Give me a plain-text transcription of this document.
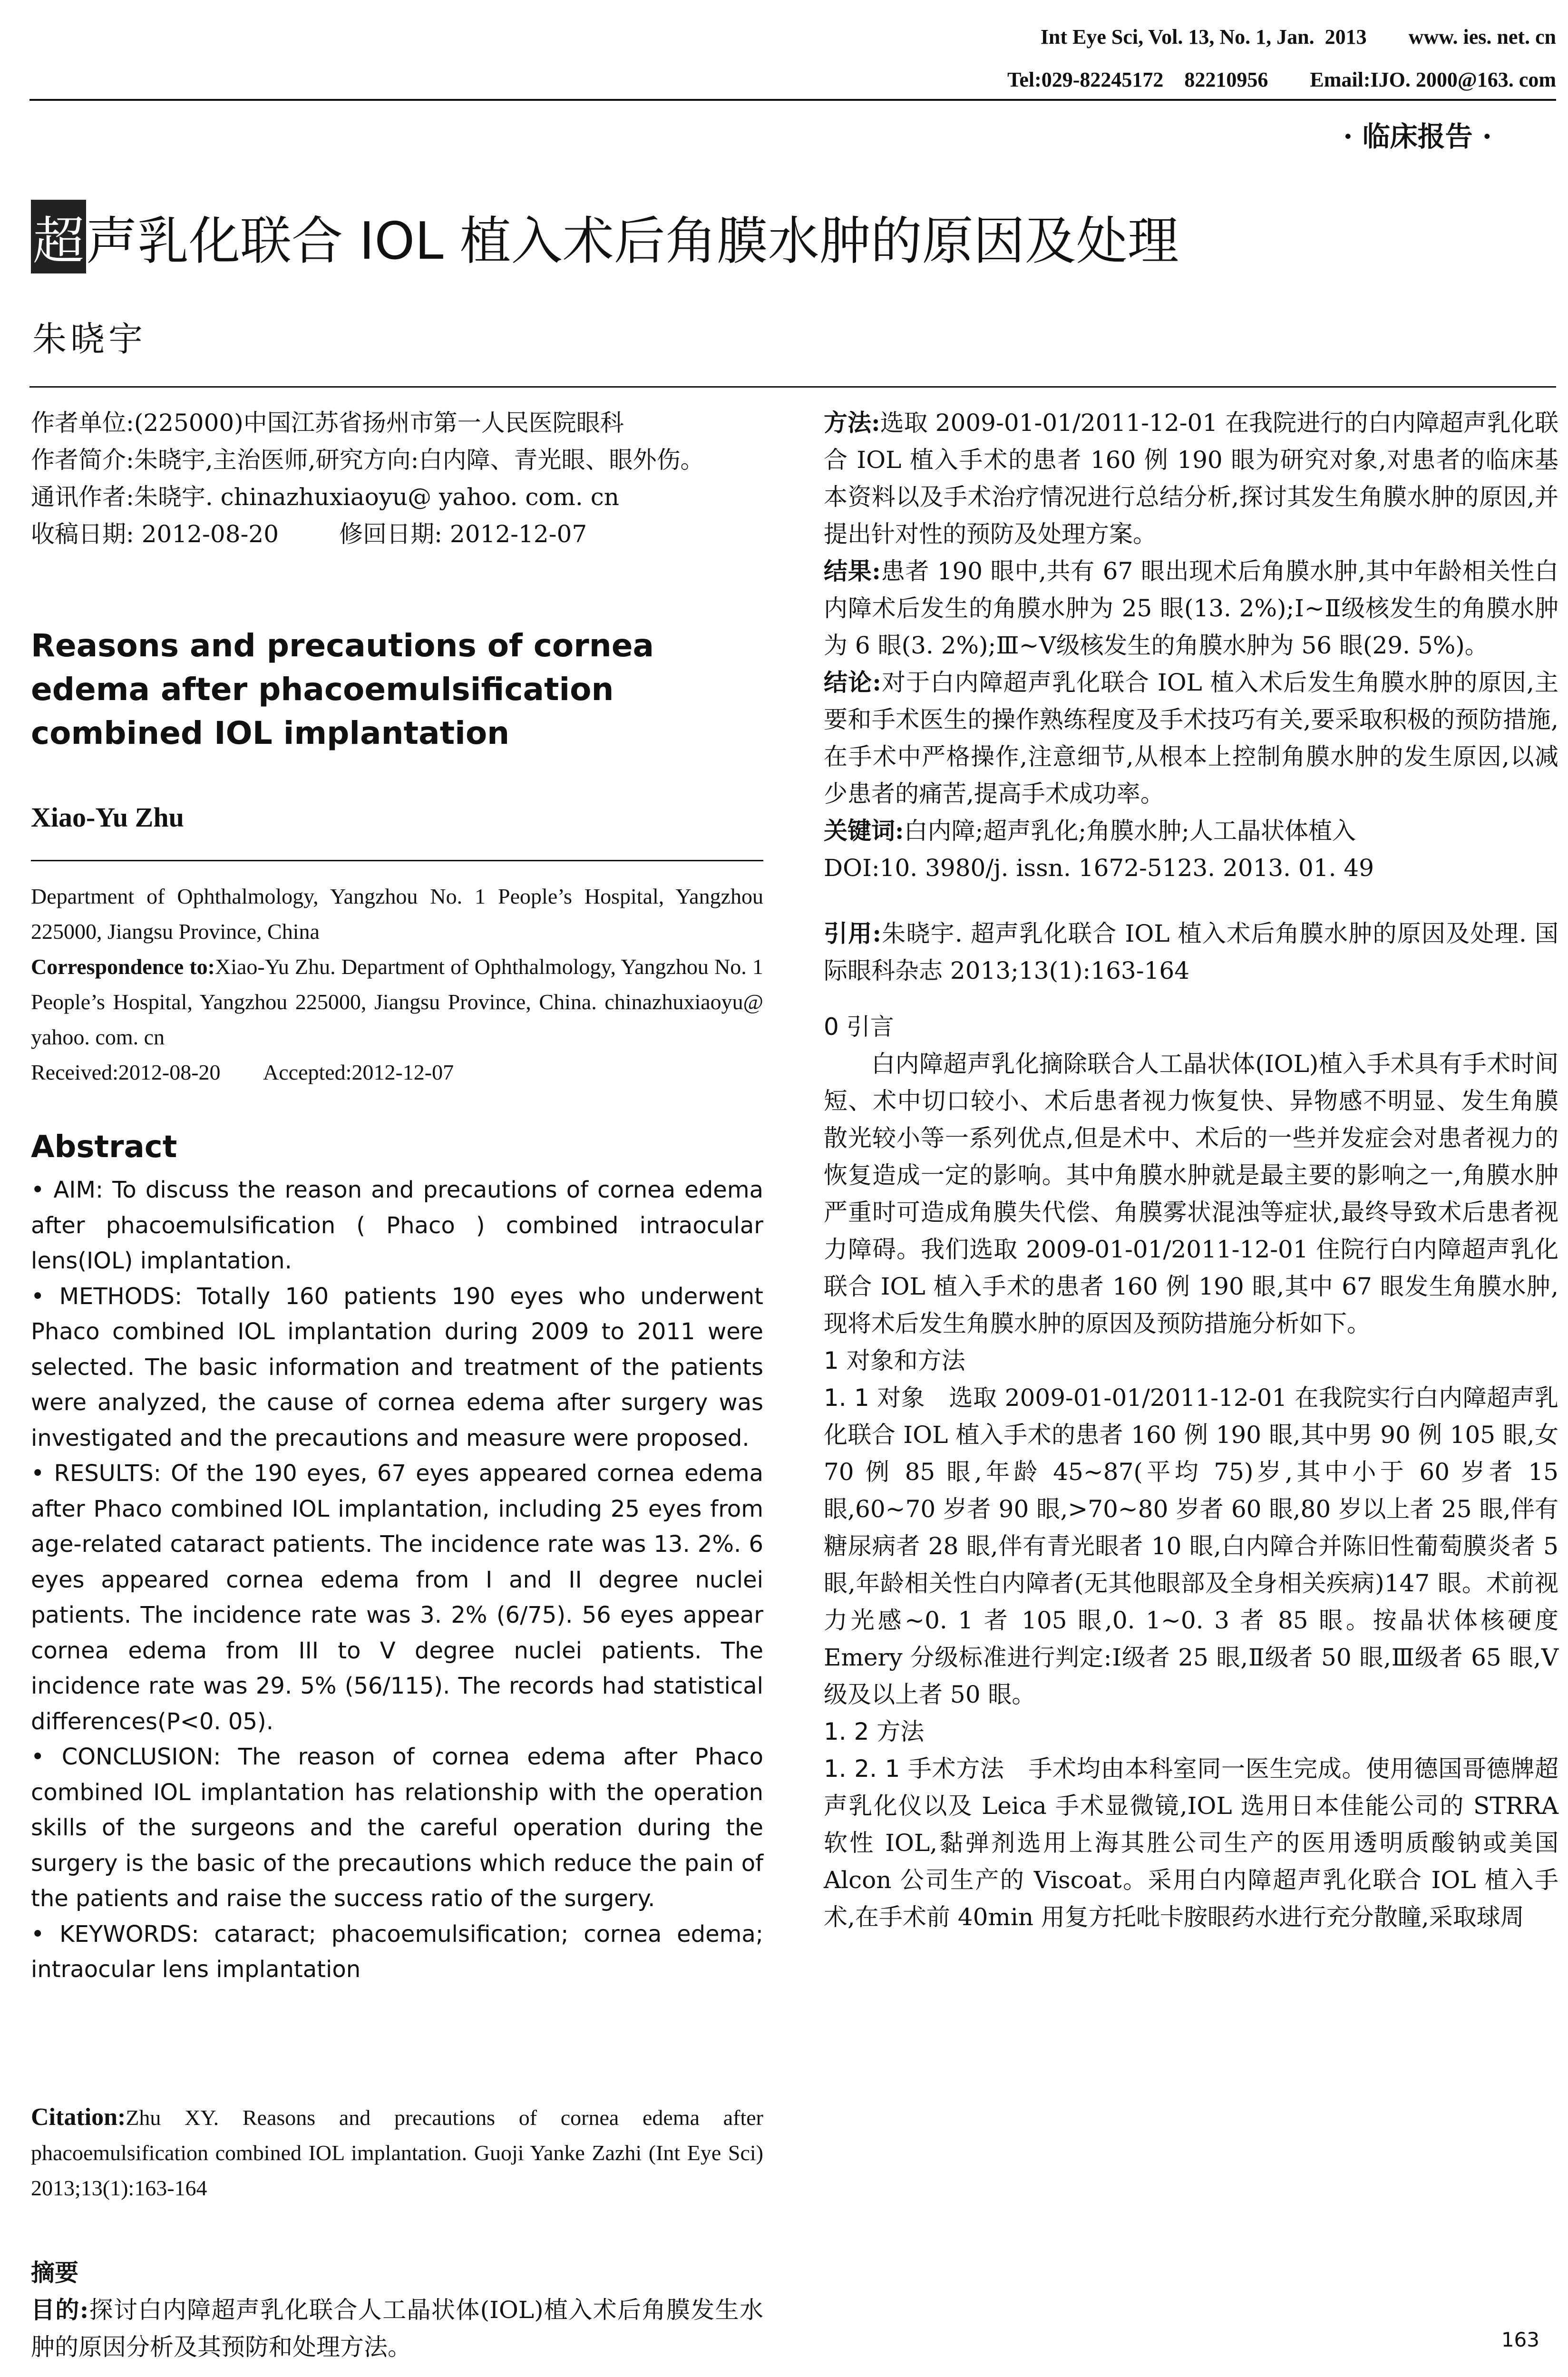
Int Eye Sci, Vol. 13, No. 1, Jan.  2013        www. ies. net. cn
Tel:029-82245172    82210956        Email:IJO. 2000@163. com
· 临床报告 ·
超声乳化联合 IOL 植入术后角膜水肿的原因及处理
朱晓宇

作者单位:(225000)中国江苏省扬州市第一人民医院眼科

作者简介:朱晓宇,主治医师,研究方向:白内障、青光眼、眼外伤。

通讯作者:朱晓宇. chinazhuxiaoyu@ yahoo. com. cn

收稿日期: 2012-08-20        修回日期: 2012-12-07

Reasons and precautions of cornea edema after phacoemulsification combined IOL implantation
Xiao-Yu Zhu
Department of Ophthalmology, Yangzhou No. 1 People’s Hospital, Yangzhou 225000, Jiangsu Province, China
Correspondence to:Xiao-Yu Zhu. Department of Ophthalmology, Yangzhou No. 1 People’s Hospital, Yangzhou 225000, Jiangsu Province, China. chinazhuxiaoyu@ yahoo. com. cn
Received:2012-08-20        Accepted:2012-12-07
Abstract

• AIM: To discuss the reason and precautions of cornea edema after phacoemulsification ( Phaco ) combined intraocular lens(IOL) implantation.

• METHODS: Totally 160 patients 190 eyes who underwent Phaco combined IOL implantation during 2009 to 2011 were selected. The basic information and treatment of the patients were analyzed, the cause of cornea edema after surgery was investigated and the precautions and measure were proposed.

• RESULTS: Of the 190 eyes, 67 eyes appeared cornea edema after Phaco combined IOL implantation, including 25 eyes from age-related cataract patients. The incidence rate was 13. 2%. 6 eyes appeared cornea edema from I and II degree nuclei patients. The incidence rate was 3. 2% (6/75). 56 eyes appear cornea edema from III to V degree nuclei patients. The incidence rate was 29. 5% (56/115). The records had statistical differences(P<0. 05).

• CONCLUSION: The reason of cornea edema after Phaco combined IOL implantation has relationship with the operation skills of the surgeons and the careful operation during the surgery is the basic of the precautions which reduce the pain of the patients and raise the success ratio of the surgery.

• KEYWORDS: cataract; phacoemulsification; cornea edema; intraocular lens implantation

Citation:Zhu XY. Reasons and precautions of cornea edema after phacoemulsification combined IOL implantation. Guoji Yanke Zazhi (Int Eye Sci) 2013;13(1):163-164
摘要
目的:探讨白内障超声乳化联合人工晶状体(IOL)植入术后角膜发生水肿的原因分析及其预防和处理方法。

方法:选取 2009-01-01/2011-12-01 在我院进行的白内障超声乳化联合 IOL 植入手术的患者 160 例 190 眼为研究对象,对患者的临床基本资料以及手术治疗情况进行总结分析,探讨其发生角膜水肿的原因,并提出针对性的预防及处理方案。

结果:患者 190 眼中,共有 67 眼出现术后角膜水肿,其中年龄相关性白内障术后发生的角膜水肿为 25 眼(13. 2%);Ⅰ~Ⅱ级核发生的角膜水肿为 6 眼(3. 2%);Ⅲ~Ⅴ级核发生的角膜水肿为 56 眼(29. 5%)。

结论:对于白内障超声乳化联合 IOL 植入术后发生角膜水肿的原因,主要和手术医生的操作熟练程度及手术技巧有关,要采取积极的预防措施,在手术中严格操作,注意细节,从根本上控制角膜水肿的发生原因,以减少患者的痛苦,提高手术成功率。

关键词:白内障;超声乳化;角膜水肿;人工晶状体植入

DOI:10. 3980/j. issn. 1672-5123. 2013. 01. 49

引用:朱晓宇. 超声乳化联合 IOL 植入术后角膜水肿的原因及处理. 国际眼科杂志 2013;13(1):163-164

0 引言

白内障超声乳化摘除联合人工晶状体(IOL)植入手术具有手术时间短、术中切口较小、术后患者视力恢复快、异物感不明显、发生角膜散光较小等一系列优点,但是术中、术后的一些并发症会对患者视力的恢复造成一定的影响。其中角膜水肿就是最主要的影响之一,角膜水肿严重时可造成角膜失代偿、角膜雾状混浊等症状,最终导致术后患者视力障碍。我们选取 2009-01-01/2011-12-01 住院行白内障超声乳化联合 IOL 植入手术的患者 160 例 190 眼,其中 67 眼发生角膜水肿,现将术后发生角膜水肿的原因及预防措施分析如下。

1 对象和方法

1. 1 对象　 选取 2009-01-01/2011-12-01 在我院实行白内障超声乳化联合 IOL 植入手术的患者 160 例 190 眼,其中男 90 例 105 眼,女 70 例 85 眼,年龄 45~87(平均 75)岁,其中小于 60 岁者 15 眼,60~70 岁者 90 眼,>70~80 岁者 60 眼,80 岁以上者 25 眼,伴有糖尿病者 28 眼,伴有青光眼者 10 眼,白内障合并陈旧性葡萄膜炎者 5 眼,年龄相关性白内障者(无其他眼部及全身相关疾病)147 眼。术前视力光感~0. 1 者 105 眼,0. 1~0. 3 者 85 眼。按晶状体核硬度 Emery 分级标准进行判定:Ⅰ级者 25 眼,Ⅱ级者 50 眼,Ⅲ级者 65 眼,Ⅴ级及以上者 50 眼。

1. 2 方法

1. 2. 1 手术方法　 手术均由本科室同一医生完成。使用德国哥德牌超声乳化仪以及 Leica 手术显微镜,IOL 选用日本佳能公司的 STRRA 软性 IOL,黏弹剂选用上海其胜公司生产的医用透明质酸钠或美国 Alcon 公司生产的 Viscoat。采用白内障超声乳化联合 IOL 植入手术,在手术前 40min 用复方托吡卡胺眼药水进行充分散瞳,采取球周

163
